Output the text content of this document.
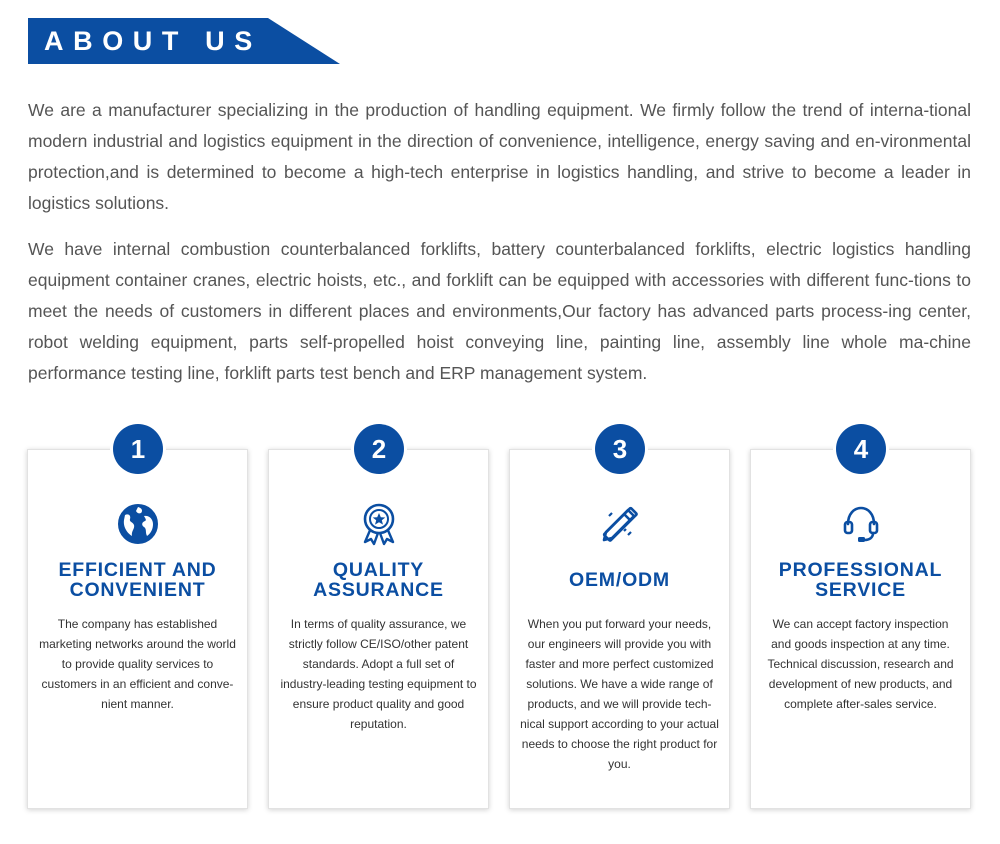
ABOUT US

We are a manufacturer specializing in the production of handling equipment. We firmly follow the trend of interna-tional modern industrial and logistics equipment in the direction of convenience, intelligence, energy saving and en-vironmental protection,and is determined to become a high-tech enterprise in logistics handling, and strive to become a leader in logistics solutions.

We have internal combustion counterbalanced forklifts, battery counterbalanced forklifts, electric logistics handling equipment container cranes, electric hoists, etc., and forklift can be equipped with accessories with different func-tions to meet the needs of customers in different places and environments,Our factory has advanced parts process-ing center, robot welding equipment, parts self-propelled hoist conveying line, painting line, assembly line whole ma-chine performance testing line, forklift parts test bench and ERP management system.

EFFICIENT AND CONVENIENT
The company has established marketing networks around the world to provide quality services to customers in an efficient and conve-nient manner.
1
QUALITY ASSURANCE
In terms of quality assurance, we strictly follow CE/ISO/other patent standards. Adopt a full set of industry-leading testing equipment to ensure product quality and good reputation.
2
OEM/ODM
When you put forward your needs, our engineers will provide you with faster and more perfect customized solutions. We have a wide range of products, and we will provide tech-nical support according to your actual needs to choose the right product for you.
3
PROFESSIONAL SERVICE
We can accept factory inspection and goods inspection at any time. Technical discussion, research and development of new products, and complete after-sales service.
4
